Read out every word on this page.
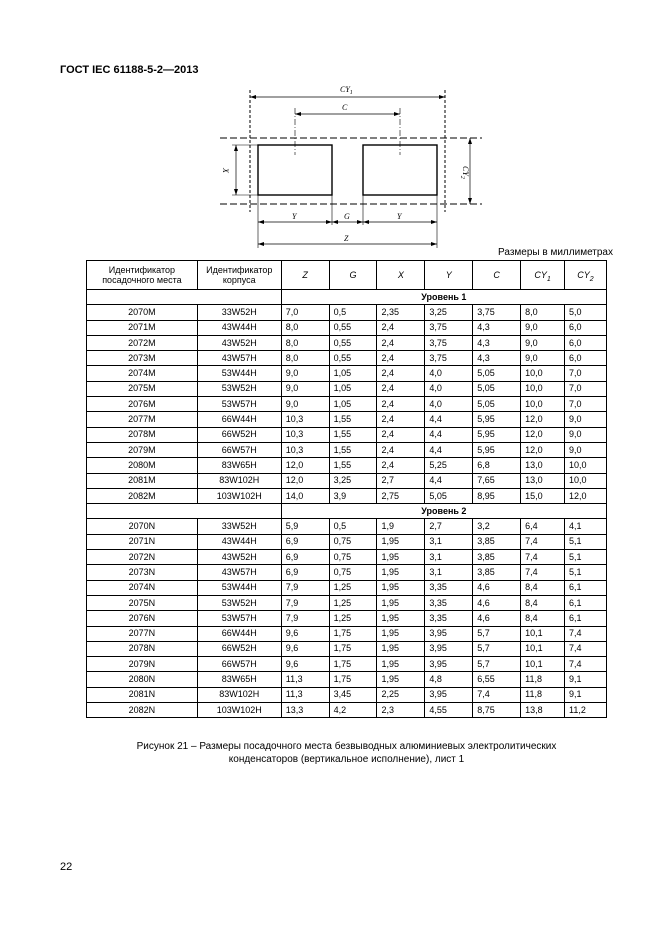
ГОСТ IEC 61188-5-2—2013
$CY_1$
C
X	$CY_2$
Y	G	Y
Z
Размеры в миллиметрах
Идентификатор посадочного места	Идентификатор корпуса	Z	G	X	Y	C	$CY_1$	$CY_2$
		Уровень 1						
2070M	33W52H	7,0	0,5	2,35	3,25	3,75	8,0	5,0
2071M	43W44H	8,0	0,55	2,4	3,75	4,3	9,0	6,0
2072M	43W52H	8,0	0,55	2,4	3,75	4,3	9,0	6,0
2073M	43W57H	8,0	0,55	2,4	3,75	4,3	9,0	6,0
2074M	53W44H	9,0	1,05	2,4	4,0	5,05	10,0	7,0
2075M	53W52H	9,0	1,05	2,4	4,0	5,05	10,0	7,0
2076M	53W57H	9,0	1,05	2,4	4,0	5,05	10,0	7,0
2077M	66W44H	10,3	1,55	2,4	4,4	5,95	12,0	9,0
2078M	66W52H	10,3	1,55	2,4	4,4	5,95	12,0	9,0
2079M	66W57H	10,3	1,55	2,4	4,4	5,95	12,0	9,0
2080M	83W65H	12,0	1,55	2,4	5,25	6,8	13,0	10,0
2081M	83W102H	12,0	3,25	2,7	4,4	7,65	13,0	10,0
2082M	103W102H	14,0	3,9	2,75	5,05	8,95	15,0	12,0
		Уровень 2						
2070N	33W52H	5,9	0,5	1,9	2,7	3,2	6,4	4,1
2071N	43W44H	6,9	0,75	1,95	3,1	3,85	7,4	5,1
2072N	43W52H	6,9	0,75	1,95	3,1	3,85	7,4	5,1
2073N	43W57H	6,9	0,75	1,95	3,1	3,85	7,4	5,1
2074N	53W44H	7,9	1,25	1,95	3,35	4,6	8,4	6,1
2075N	53W52H	7,9	1,25	1,95	3,35	4,6	8,4	6,1
2076N	53W57H	7,9	1,25	1,95	3,35	4,6	8,4	6,1
2077N	66W44H	9,6	1,75	1,95	3,95	5,7	10,1	7,4
2078N	66W52H	9,6	1,75	1,95	3,95	5,7	10,1	7,4
2079N	66W57H	9,6	1,75	1,95	3,95	5,7	10,1	7,4
2080N	83W65H	11,3	1,75	1,95	4,8	6,55	11,8	9,1
2081N	83W102H	11,3	3,45	2,25	3,95	7,4	11,8	9,1
2082N	103W102H	13,3	4,2	2,3	4,55	8,75	13,8	11,2
Рисунок 21 – Размеры посадочного места безвыводных алюминиевых электролитических
конденсаторов (вертикальное исполнение), лист 1
22
